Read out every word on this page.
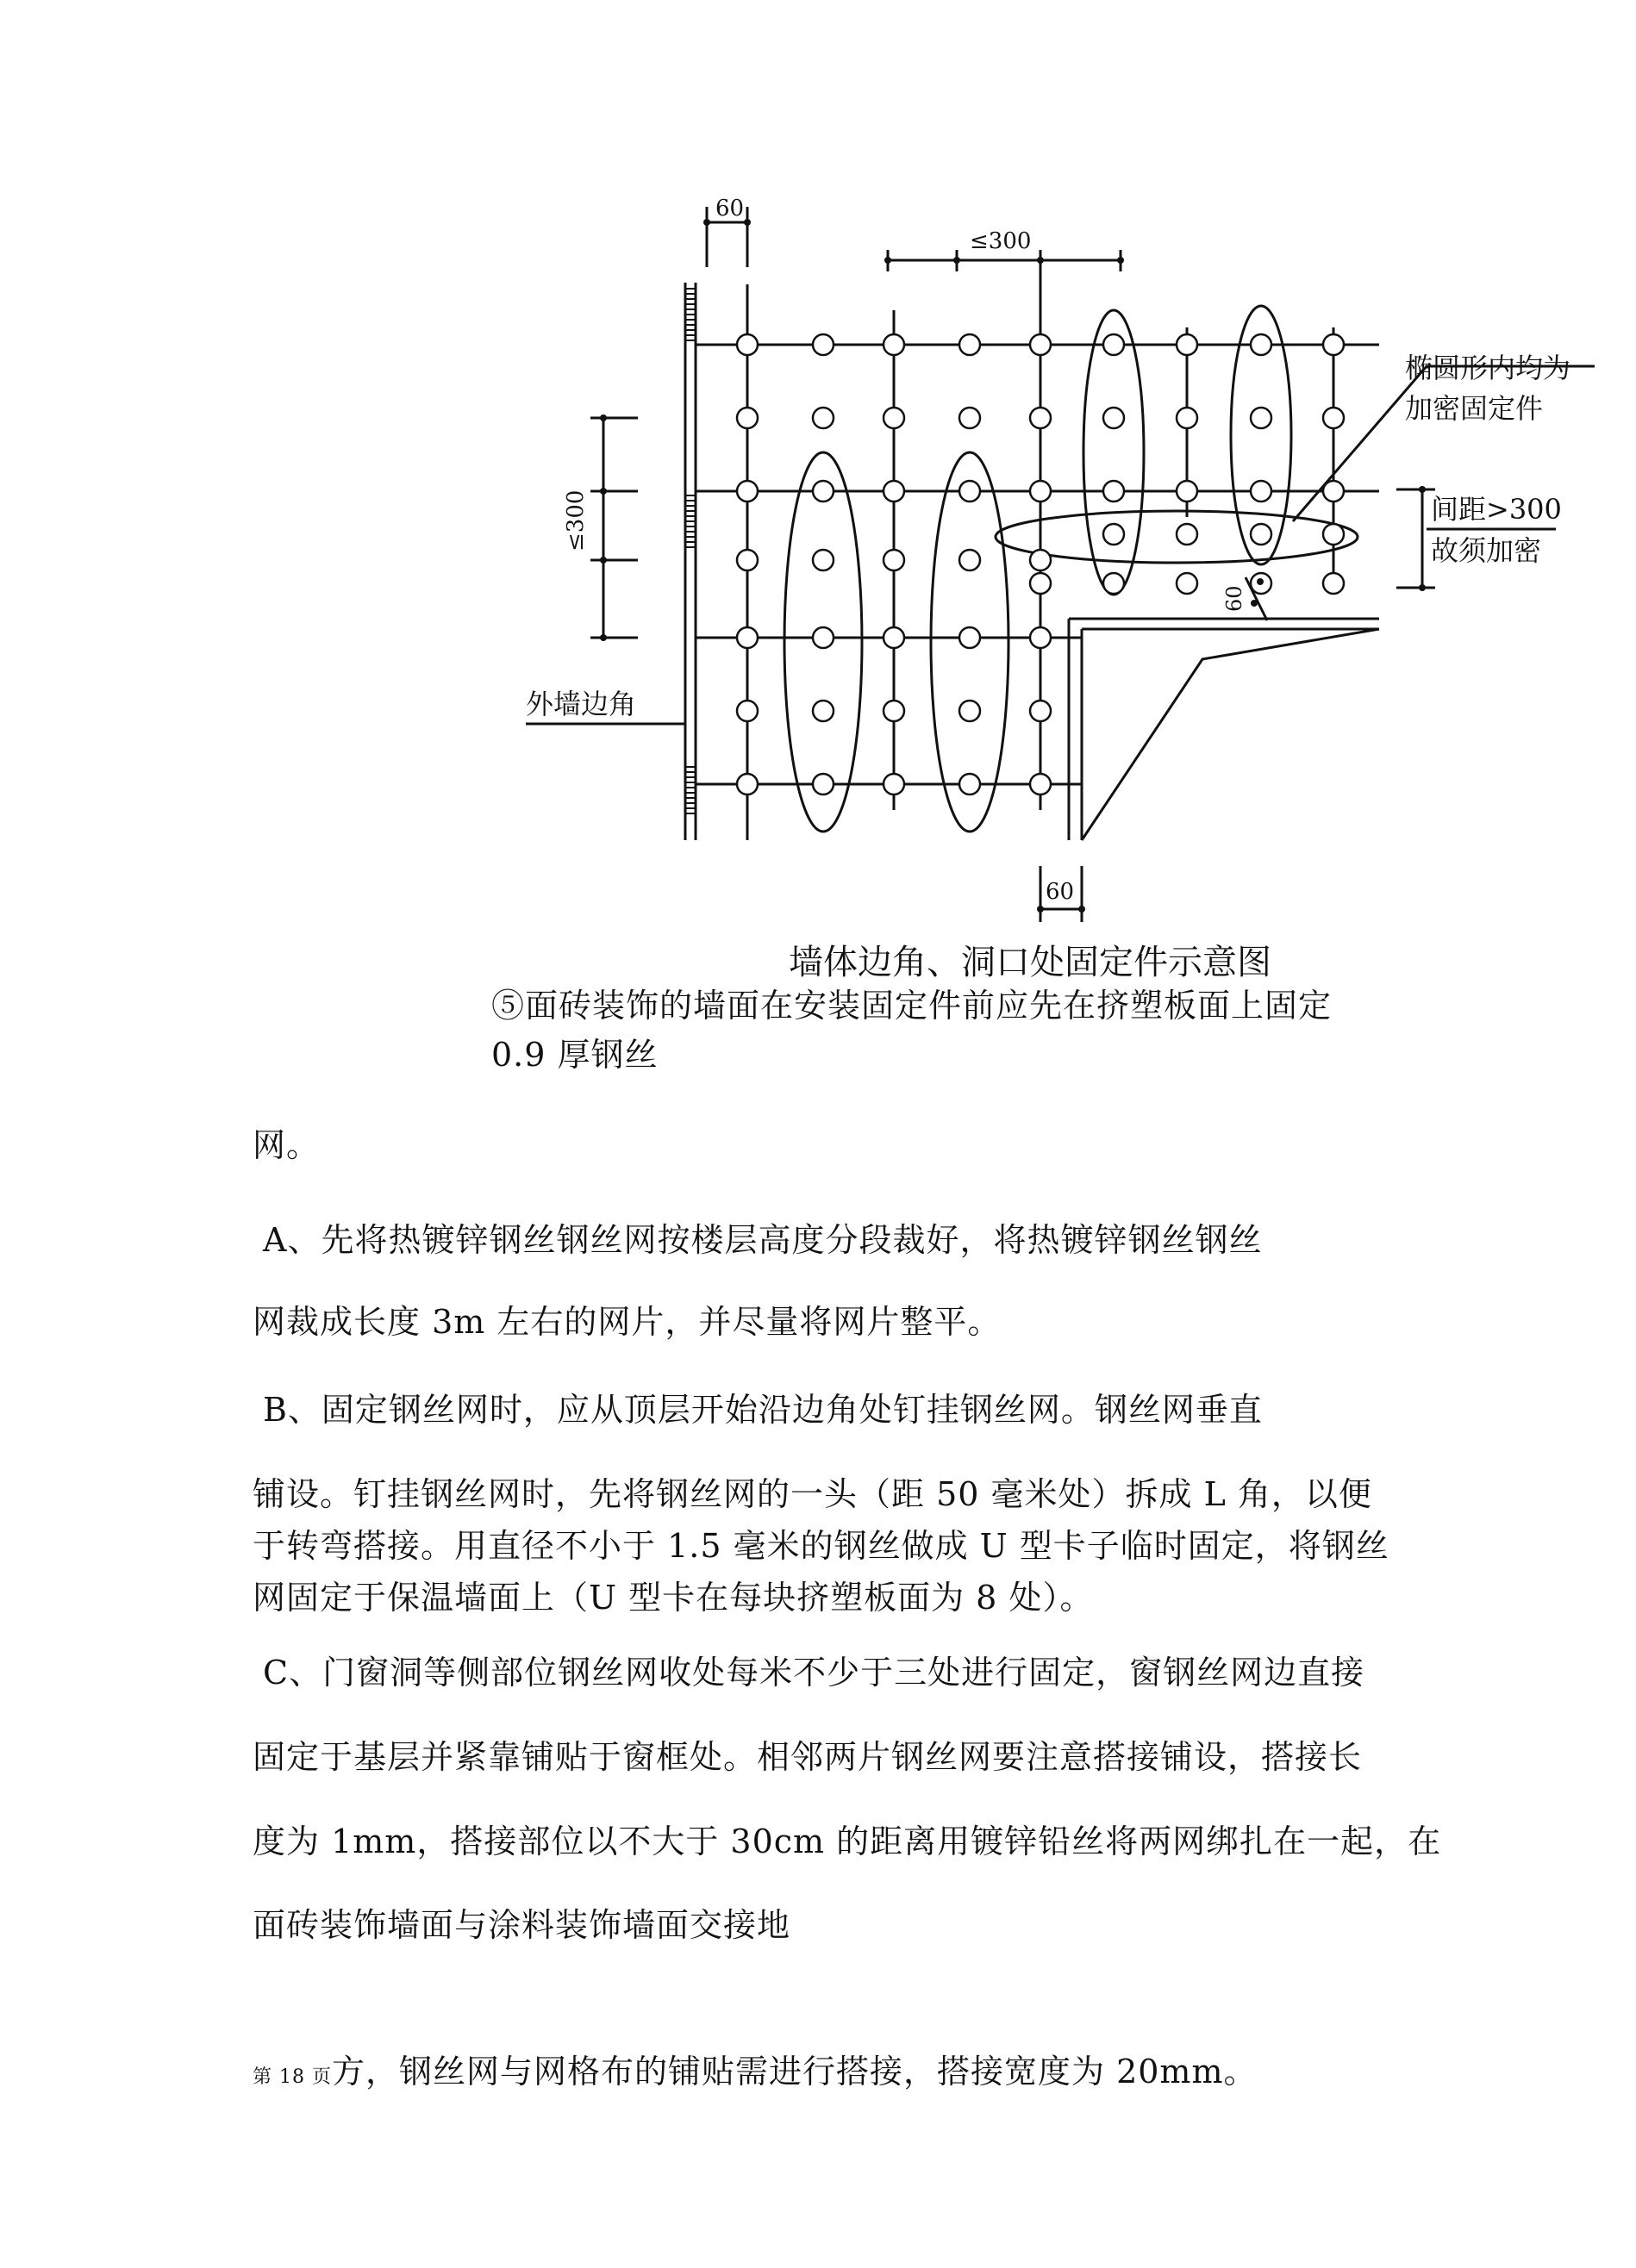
60
≤300
≤300
椭圆形内均为
加密固定件
间距>300
故须加密
60
外墙边角
60
墙体边角、洞口处固定件示意图
⑤面砖装饰的墙面在安装固定件前应先在挤塑板面上固定
0.9 厚钢丝
网。
A、先将热镀锌钢丝钢丝网按楼层高度分段裁好，将热镀锌钢丝钢丝
网裁成长度 3m 左右的网片，并尽量将网片整平。
B、固定钢丝网时，应从顶层开始沿边角处钉挂钢丝网。钢丝网垂直
铺设。钉挂钢丝网时，先将钢丝网的一头（距 50 毫米处）拆成 L 角，以便
于转弯搭接。用直径不小于 1.5 毫米的钢丝做成 U 型卡子临时固定，将钢丝
网固定于保温墙面上（U 型卡在每块挤塑板面为 8 处）。
C、门窗洞等侧部位钢丝网收处每米不少于三处进行固定，窗钢丝网边直接
固定于基层并紧靠铺贴于窗框处。相邻两片钢丝网要注意搭接铺设，搭接长
度为 1mm，搭接部位以不大于 30cm 的距离用镀锌铅丝将两网绑扎在一起，在
面砖装饰墙面与涂料装饰墙面交接地
第 18 页方，钢丝网与网格布的铺贴需进行搭接，搭接宽度为 20mm。
